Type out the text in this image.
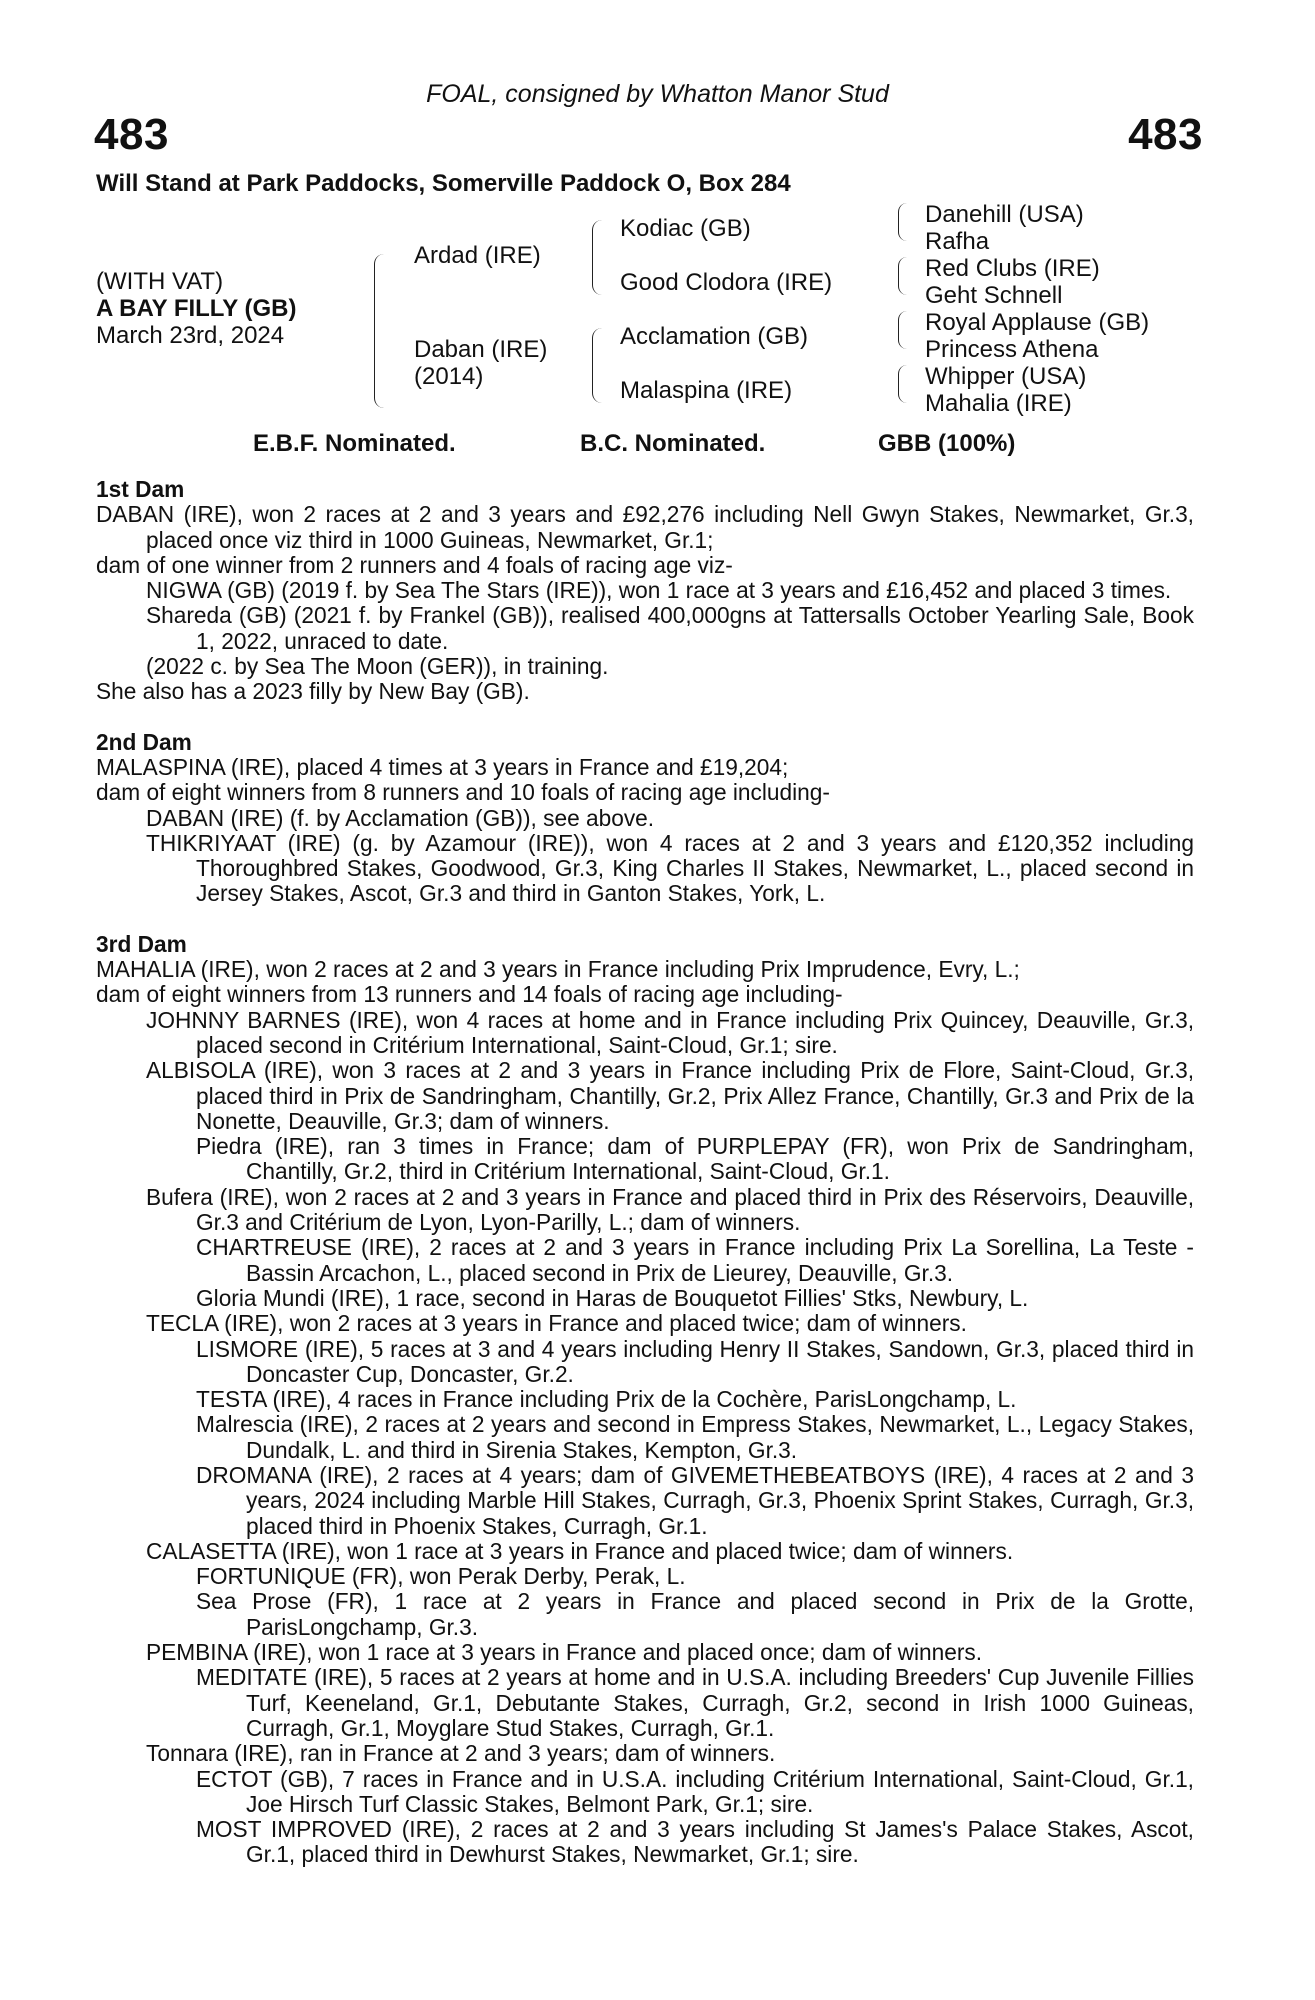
FOAL, consigned by Whatton Manor Stud
483	483
Will Stand at Park Paddocks, Somerville Paddock O, Box 284
(WITH VAT)
A BAY FILLY (GB)
March 23rd, 2024
Ardad (IRE)
Daban (IRE)
(2014)
Kodiac (GB)
Good Clodora (IRE)
Acclamation (GB)
Malaspina (IRE)
Danehill (USA)
Rafha
Red Clubs (IRE)
Geht Schnell
Royal Applause (GB)
Princess Athena
Whipper (USA)
Mahalia (IRE)
E.B.F. Nominated.	B.C. Nominated.	GBB (100%)

1st Dam

DABAN (IRE), won 2 races at 2 and 3 years and £92,276 including Nell Gwyn Stakes, Newmarket, Gr.3, placed once viz third in 1000 Guineas, Newmarket, Gr.1;

dam of one winner from 2 runners and 4 foals of racing age viz-

NIGWA (GB) (2019 f. by Sea The Stars (IRE)), won 1 race at 3 years and £16,452 and placed 3 times.

Shareda (GB) (2021 f. by Frankel (GB)), realised 400,000gns at Tattersalls October Yearling Sale, Book 1, 2022, unraced to date.

(2022 c. by Sea The Moon (GER)), in training.

She also has a 2023 filly by New Bay (GB).

2nd Dam

MALASPINA (IRE), placed 4 times at 3 years in France and £19,204;

dam of eight winners from 8 runners and 10 foals of racing age including-

DABAN (IRE) (f. by Acclamation (GB)), see above.

THIKRIYAAT (IRE) (g. by Azamour (IRE)), won 4 races at 2 and 3 years and £120,352 including Thoroughbred Stakes, Goodwood, Gr.3, King Charles II Stakes, Newmarket, L., placed second in Jersey Stakes, Ascot, Gr.3 and third in Ganton Stakes, York, L.

3rd Dam

MAHALIA (IRE), won 2 races at 2 and 3 years in France including Prix Imprudence, Evry, L.;

dam of eight winners from 13 runners and 14 foals of racing age including-

JOHNNY BARNES (IRE), won 4 races at home and in France including Prix Quincey, Deauville, Gr.3, placed second in Critérium International, Saint-Cloud, Gr.1; sire.

ALBISOLA (IRE), won 3 races at 2 and 3 years in France including Prix de Flore, Saint-Cloud, Gr.3, placed third in Prix de Sandringham, Chantilly, Gr.2, Prix Allez France, Chantilly, Gr.3 and Prix de la Nonette, Deauville, Gr.3; dam of winners.

Piedra (IRE), ran 3 times in France; dam of PURPLEPAY (FR), won Prix de Sandringham, Chantilly, Gr.2, third in Critérium International, Saint-Cloud, Gr.1.

Bufera (IRE), won 2 races at 2 and 3 years in France and placed third in Prix des Réservoirs, Deauville, Gr.3 and Critérium de Lyon, Lyon-Parilly, L.; dam of winners.

CHARTREUSE (IRE), 2 races at 2 and 3 years in France including Prix La Sorellina, La Teste - Bassin Arcachon, L., placed second in Prix de Lieurey, Deauville, Gr.3.

Gloria Mundi (IRE), 1 race, second in Haras de Bouquetot Fillies' Stks, Newbury, L.

TECLA (IRE), won 2 races at 3 years in France and placed twice; dam of winners.

LISMORE (IRE), 5 races at 3 and 4 years including Henry II Stakes, Sandown, Gr.3, placed third in Doncaster Cup, Doncaster, Gr.2.

TESTA (IRE), 4 races in France including Prix de la Cochère, ParisLongchamp, L.

Malrescia (IRE), 2 races at 2 years and second in Empress Stakes, Newmarket, L., Legacy Stakes, Dundalk, L. and third in Sirenia Stakes, Kempton, Gr.3.

DROMANA (IRE), 2 races at 4 years; dam of GIVEMETHEBEATBOYS (IRE), 4 races at 2 and 3 years, 2024 including Marble Hill Stakes, Curragh, Gr.3, Phoenix Sprint Stakes, Curragh, Gr.3, placed third in Phoenix Stakes, Curragh, Gr.1.

CALASETTA (IRE), won 1 race at 3 years in France and placed twice; dam of winners.

FORTUNIQUE (FR), won Perak Derby, Perak, L.

Sea Prose (FR), 1 race at 2 years in France and placed second in Prix de la Grotte, ParisLongchamp, Gr.3.

PEMBINA (IRE), won 1 race at 3 years in France and placed once; dam of winners.

MEDITATE (IRE), 5 races at 2 years at home and in U.S.A. including Breeders' Cup Juvenile Fillies Turf, Keeneland, Gr.1, Debutante Stakes, Curragh, Gr.2, second in Irish 1000 Guineas, Curragh, Gr.1, Moyglare Stud Stakes, Curragh, Gr.1.

Tonnara (IRE), ran in France at 2 and 3 years; dam of winners.

ECTOT (GB), 7 races in France and in U.S.A. including Critérium International, Saint-Cloud, Gr.1, Joe Hirsch Turf Classic Stakes, Belmont Park, Gr.1; sire.

MOST IMPROVED (IRE), 2 races at 2 and 3 years including St James's Palace Stakes, Ascot, Gr.1, placed third in Dewhurst Stakes, Newmarket, Gr.1; sire.
